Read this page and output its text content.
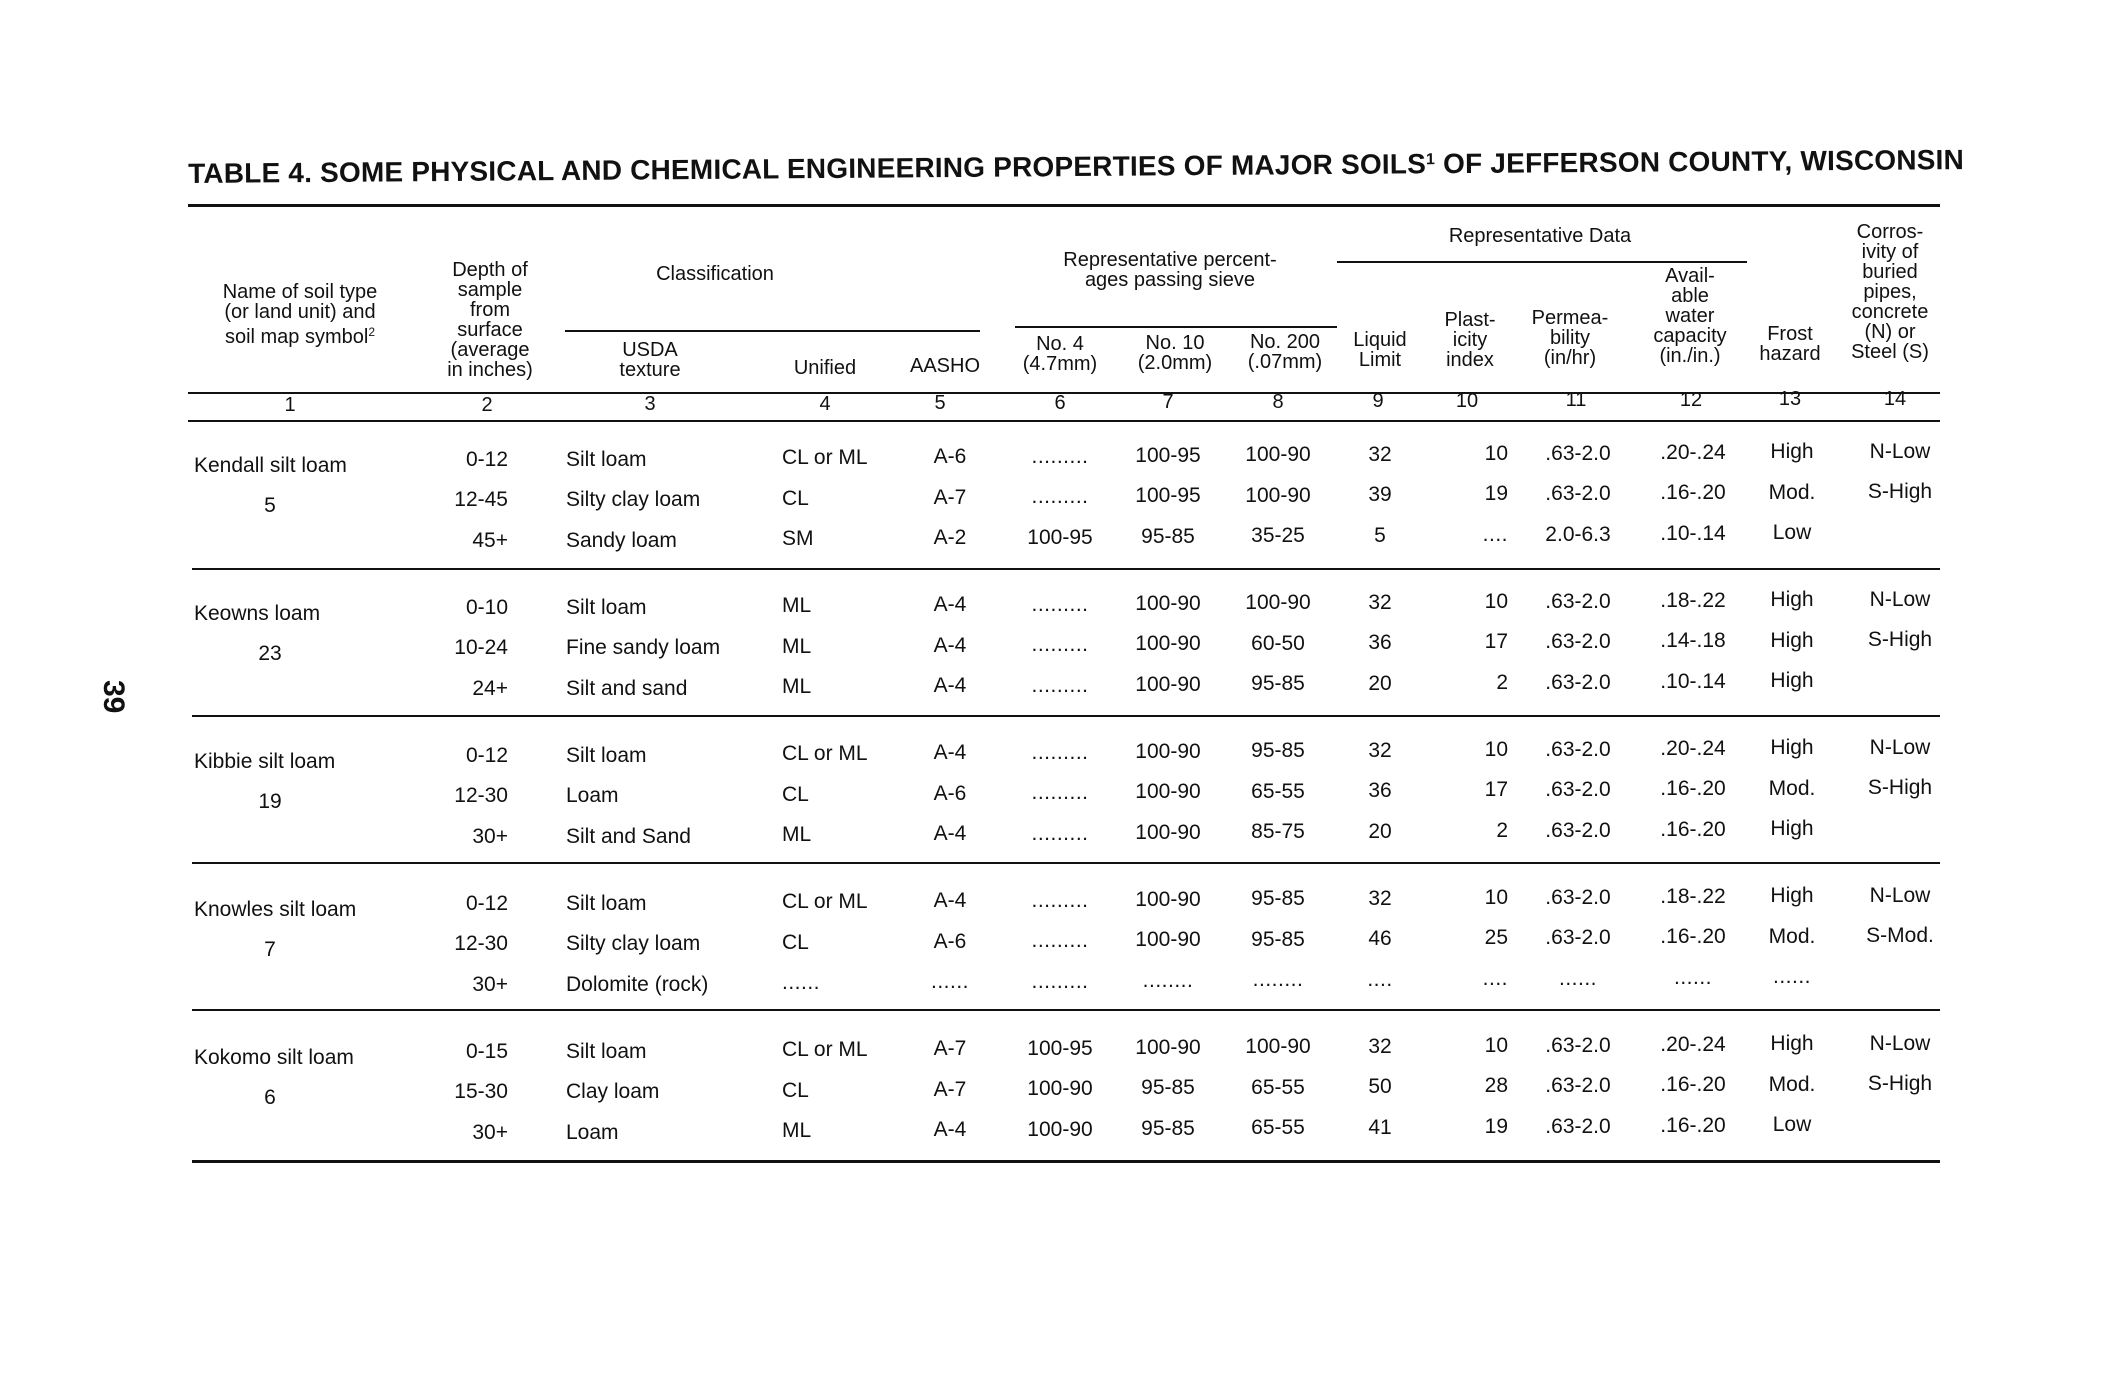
39
TABLE 4. SOME PHYSICAL AND CHEMICAL ENGINEERING PROPERTIES OF MAJOR SOILS$^1$ OF JEFFERSON COUNTY, WISCONSIN
Name of soil type
(or land unit) and
soil map symbol$^2$
Depth of
sample
from
surface
(average
in inches)
Classification
USDA
texture	Unified	AASHO
Representative percent-
ages passing sieve
No. 4
(4.7mm)
No. 10
(2.0mm)
No. 200
(.07mm)
Representative Data
Liquid
Limit
Plast-
icity
index
Permea-
bility
(in/hr)
Avail-
able
water
capacity
(in./in.)
Frost
hazard
Corros-
ivity of
buried
pipes,
concrete
(N) or
Steel (S)
1	2	3	4	5	6	7	8	9	10	11	12	13	14
Kendall silt loam
5
0-12	Silt loam	CL or ML	A-6	......... 100-95 100-90	32	10 .63-2.0 .20-.24 High	N-Low
12-45	Silty clay loam	CL	A-7	......... 100-95 100-90	39	19 .63-2.0 .16-.20 Mod.	S-High
45+	Sandy loam	SM	A-2	100-95 95-85	35-25	5	.... 2.0-6.3 .10-.14 Low
Keowns loam
23
0-10	Silt loam	ML	A-4	......... 100-90 100-90	32	10 .63-2.0 .18-.22 High	N-Low
10-24	Fine sandy loam	ML	A-4	......... 100-90 60-50	36	17 .63-2.0 .14-.18 High	S-High
24+	Silt and sand	ML	A-4	......... 100-90 95-85	20	2 .63-2.0 .10-.14 High
Kibbie silt loam
19
0-12	Silt loam	CL or ML	A-4	......... 100-90 95-85	32	10 .63-2.0 .20-.24 High	N-Low
12-30	Loam	CL	A-6	......... 100-90 65-55	36	17 .63-2.0 .16-.20 Mod.	S-High
30+	Silt and Sand	ML	A-4	......... 100-90 85-75	20	2 .63-2.0 .16-.20 High
Knowles silt loam
7
0-12	Silt loam	CL or ML	A-4	......... 100-90 95-85	32	10 .63-2.0 .18-.22 High	N-Low
12-30	Silty clay loam	CL	A-6	......... 100-90 95-85	46	25 .63-2.0 .16-.20 Mod. S-Mod.
30+	Dolomite (rock)	......	......	.........	........	........	....	.... ......	......	......
Kokomo silt loam
6
0-15	Silt loam	CL or ML	A-7	100-95 100-90 100-90	32	10 .63-2.0 .20-.24 High	N-Low
15-30	Clay loam	CL	A-7	100-90 95-85	65-55	50	28 .63-2.0 .16-.20 Mod.	S-High
30+	Loam	ML	A-4	100-90 95-85	65-55	41	19 .63-2.0 .16-.20 Low
